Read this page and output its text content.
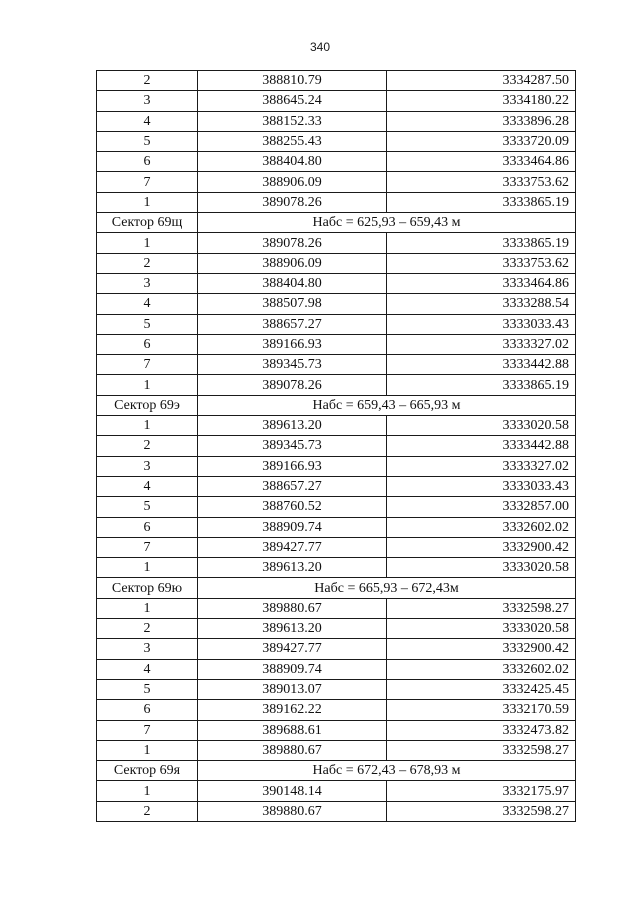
340
2	388810.79	3334287.50
3	388645.24	3334180.22
4	388152.33	3333896.28
5	388255.43	3333720.09
6	388404.80	3333464.86
7	388906.09	3333753.62
1	389078.26	3333865.19
Сектор 69щ	Набс = 625,93 – 659,43 м	
1	389078.26	3333865.19
2	388906.09	3333753.62
3	388404.80	3333464.86
4	388507.98	3333288.54
5	388657.27	3333033.43
6	389166.93	3333327.02
7	389345.73	3333442.88
1	389078.26	3333865.19
Сектор 69э	Набс = 659,43 – 665,93 м	
1	389613.20	3333020.58
2	389345.73	3333442.88
3	389166.93	3333327.02
4	388657.27	3333033.43
5	388760.52	3332857.00
6	388909.74	3332602.02
7	389427.77	3332900.42
1	389613.20	3333020.58
Сектор 69ю	Набс = 665,93 – 672,43м	
1	389880.67	3332598.27
2	389613.20	3333020.58
3	389427.77	3332900.42
4	388909.74	3332602.02
5	389013.07	3332425.45
6	389162.22	3332170.59
7	389688.61	3332473.82
1	389880.67	3332598.27
Сектор 69я	Набс = 672,43 – 678,93 м	
1	390148.14	3332175.97
2	389880.67	3332598.27
